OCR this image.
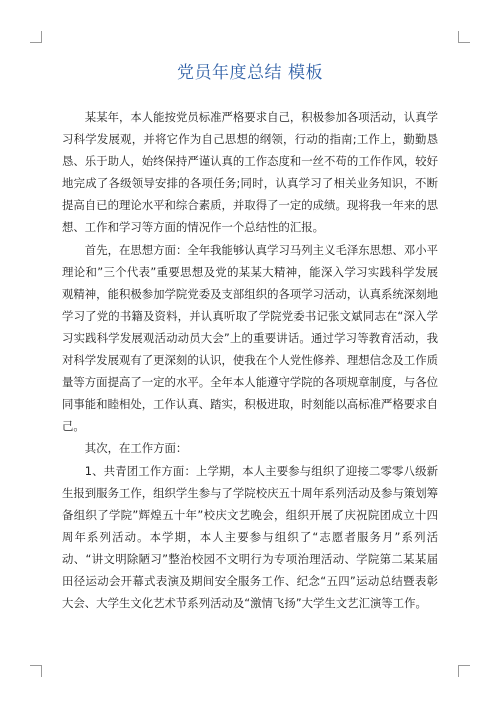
党员年度总结 模板

某某年，本人能按党员标准严格要求自己，积极参加各项活动，认真学习科学发展观，并将它作为自己思想的纲领，行动的指南;工作上，勤勤恳恳、乐于助人，始终保持严谨认真的工作态度和一丝不苟的工作作风，较好地完成了各级领导安排的各项任务;同时，认真学习了相关业务知识，不断提高自已的理论水平和综合素质，并取得了一定的成绩。现将我一年来的思想、工作和学习等方面的情况作一个总结性的汇报。

首先，在思想方面：全年我能够认真学习马列主义毛泽东思想、邓小平理论和”三个代表”重要思想及党的某某大精神，能深入学习实践科学发展观精神，能积极参加学院党委及支部组织的各项学习活动，认真系统深刻地学习了党的书籍及资料，并认真听取了学院党委书记张文斌同志在“深入学习实践科学发展观活动动员大会”上的重要讲话。通过学习等教育活动，我对科学发展观有了更深刻的认识，使我在个人党性修养、理想信念及工作质量等方面提高了一定的水平。全年本人能遵守学院的各项规章制度，与各位同事能和睦相处，工作认真、踏实，积极进取，时刻能以高标准严格要求自己。

其次，在工作方面：

1、共青团工作方面：上学期，本人主要参与组织了迎接二零零八级新生报到服务工作，组织学生参与了学院校庆五十周年系列活动及参与策划筹备组织了学院”辉煌五十年”校庆文艺晚会，组织开展了庆祝院团成立十四周年系列活动。本学期，本人主要参与组织了“志愿者服务月”系列活动、“讲文明除陋习”整治校园不文明行为专项治理活动、学院第二某某届田径运动会开幕式表演及期间安全服务工作、纪念“五四”运动总结暨表彰大会、大学生文化艺术节系列活动及“激情飞扬”大学生文艺汇演等工作。
